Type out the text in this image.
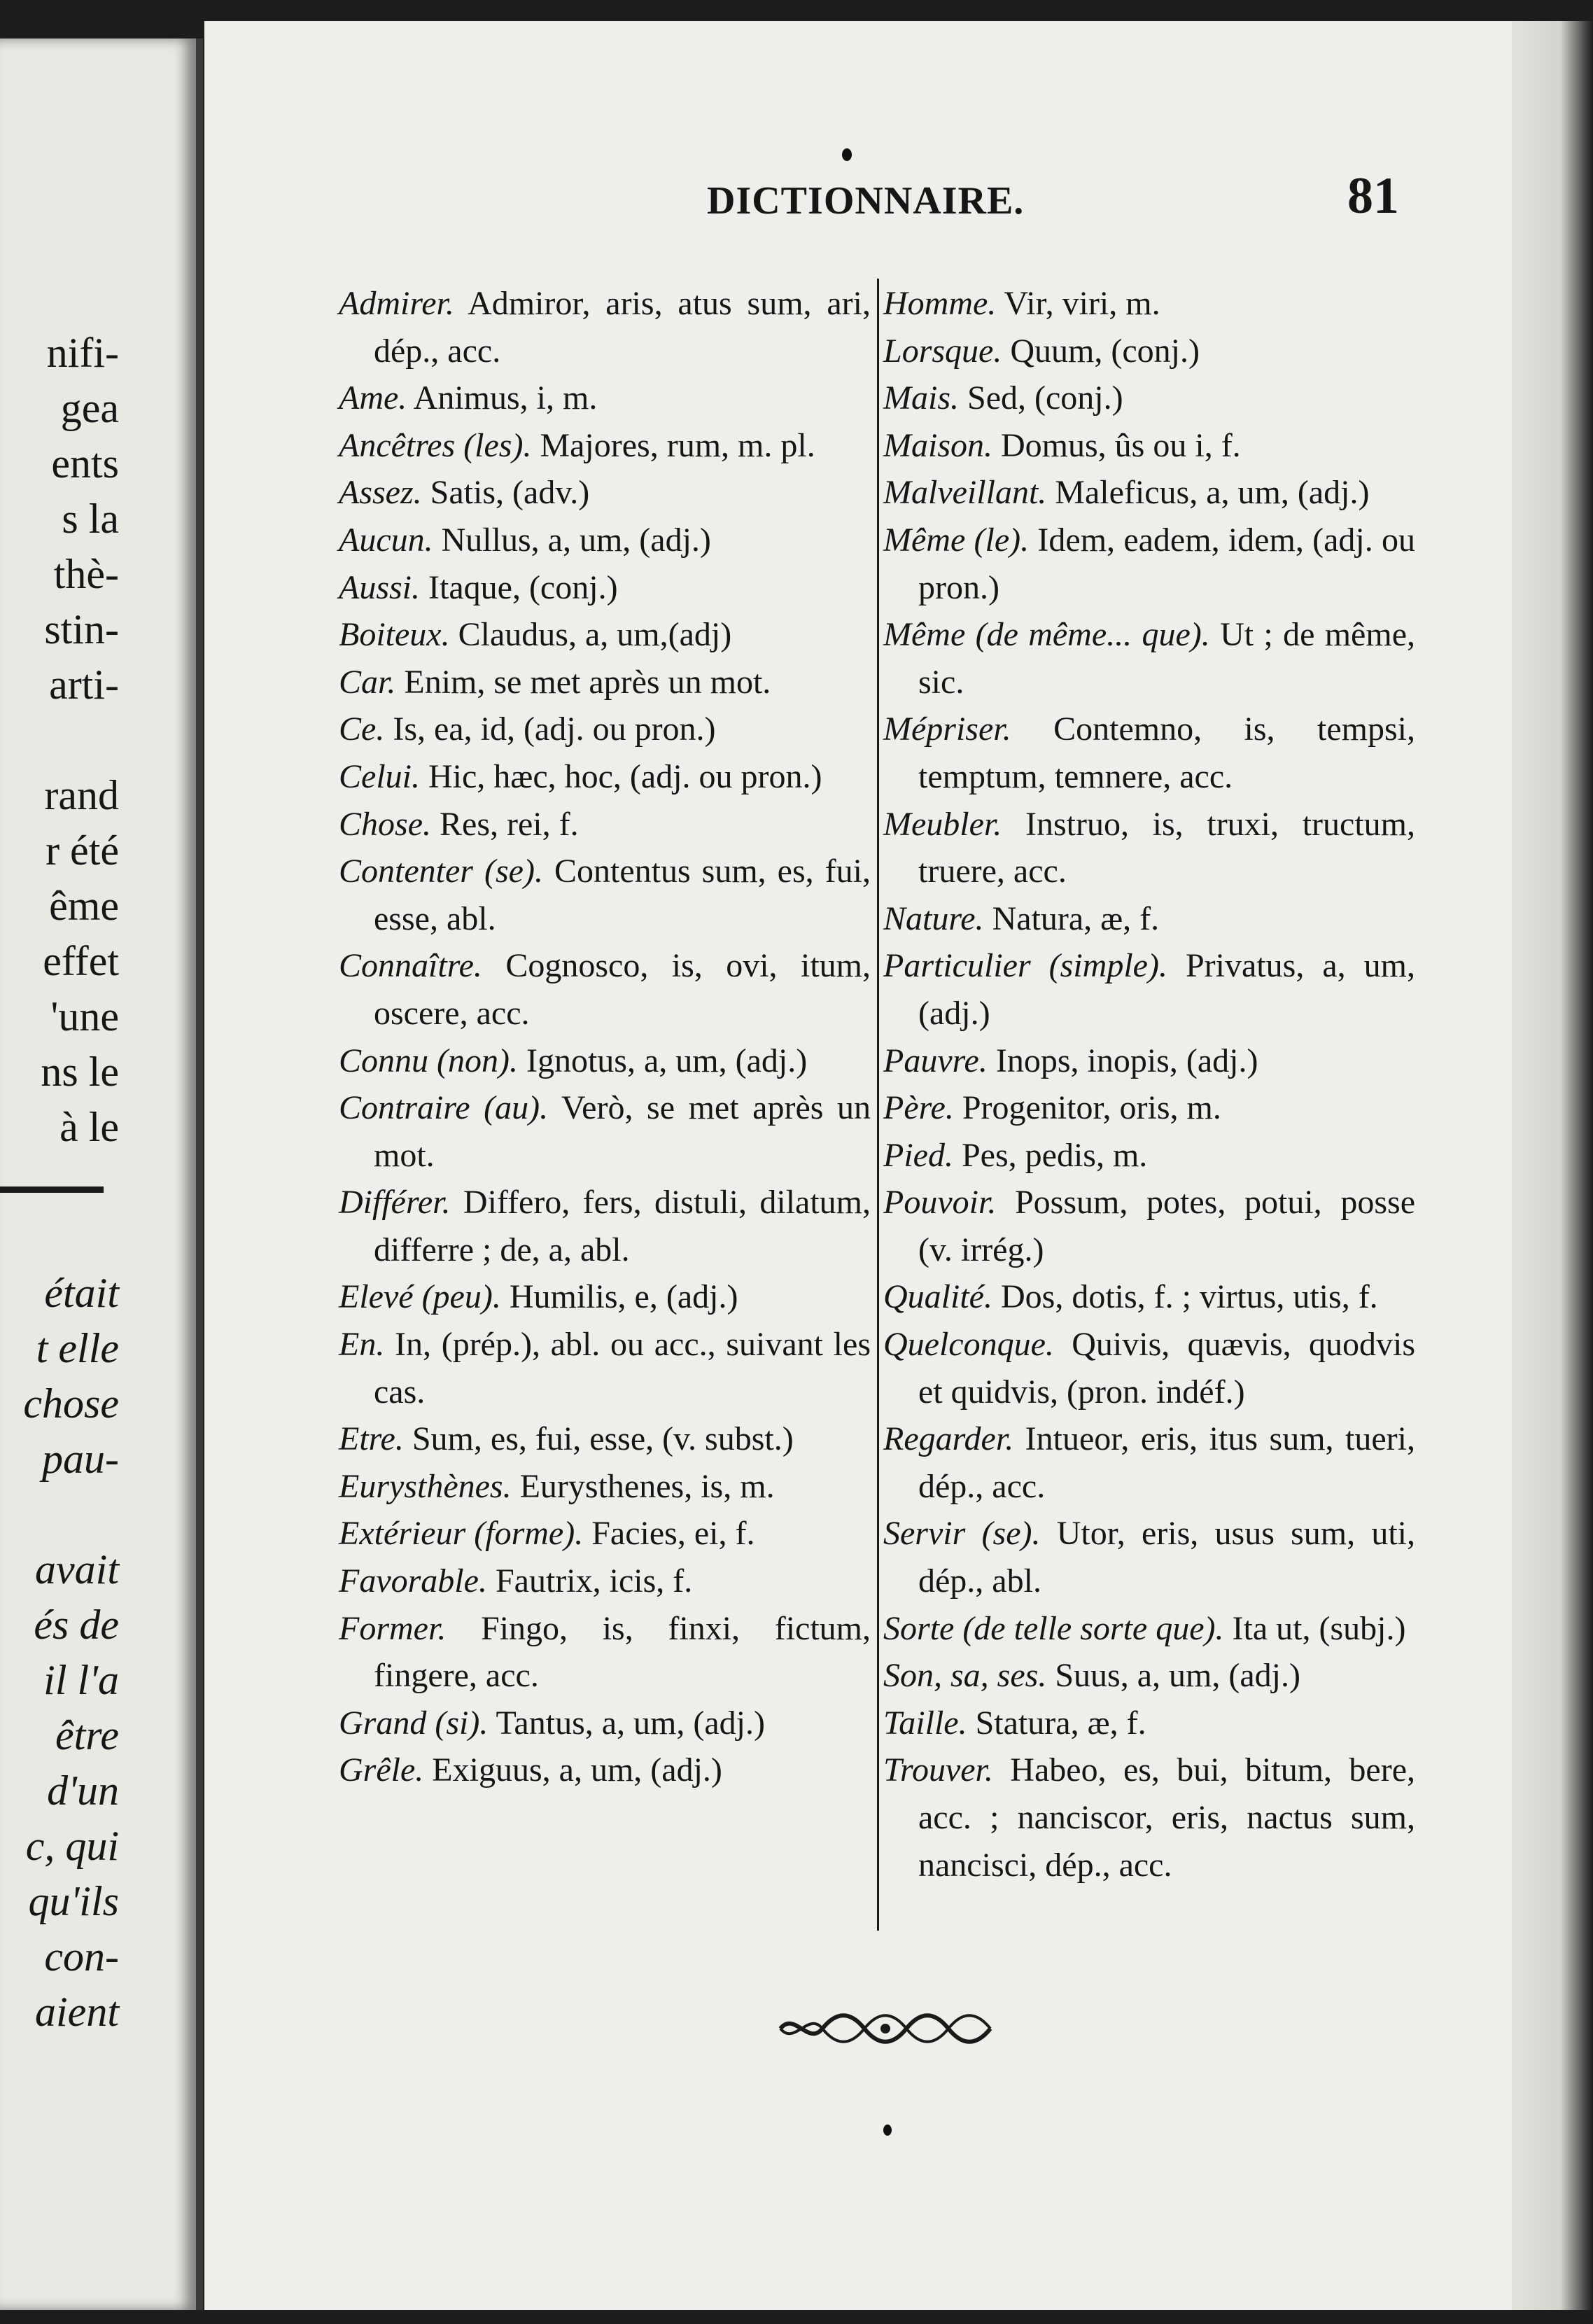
nifi-
gea
ents
s la
thè-
stin-
arti-
rand
r été
ême
effet
'une
ns le
à le
était
t elle
chose
pau-
avait
és de
il l'a
être
d'un
c, qui
qu'ils
con-
aient
DICTIONNAIRE.	81
Admirer. Admiror, aris, atus sum, ari, dép., acc.
Ame. Animus, i, m.
Ancêtres (les). Majores, rum, m. pl.
Assez. Satis, (adv.)
Aucun. Nullus, a, um, (adj.)
Aussi. Itaque, (conj.)
Boiteux. Claudus, a, um,(adj)
Car. Enim, se met après un mot.
Ce. Is, ea, id, (adj. ou pron.)
Celui. Hic, hæc, hoc, (adj. ou pron.)
Chose. Res, rei, f.
Contenter (se). Contentus sum, es, fui, esse, abl.
Connaître. Cognosco, is, ovi, itum, oscere, acc.
Connu (non). Ignotus, a, um, (adj.)
Contraire (au). Verò, se met après un mot.
Différer. Differo, fers, distuli, dilatum, differre ; de, a, abl.
Elevé (peu). Humilis, e, (adj.)
En. In, (prép.), abl. ou acc., suivant les cas.
Etre. Sum, es, fui, esse, (v. subst.)
Eurysthènes. Eurysthenes, is, m.
Extérieur (forme). Facies, ei, f.
Favorable. Fautrix, icis, f.
Former. Fingo, is, finxi, fictum, fingere, acc.
Grand (si). Tantus, a, um, (adj.)
Grêle. Exiguus, a, um, (adj.)
Homme. Vir, viri, m.
Lorsque. Quum, (conj.)
Mais. Sed, (conj.)
Maison. Domus, ûs ou i, f.
Malveillant. Maleficus, a, um, (adj.)
Même (le). Idem, eadem, idem, (adj. ou pron.)
Même (de même... que). Ut ; de même, sic.
Mépriser. Contemno, is, tempsi, temptum, temnere, acc.
Meubler. Instruo, is, truxi, tructum, truere, acc.
Nature. Natura, æ, f.
Particulier (simple). Privatus, a, um, (adj.)
Pauvre. Inops, inopis, (adj.)
Père. Progenitor, oris, m.
Pied. Pes, pedis, m.
Pouvoir. Possum, potes, potui, posse (v. irrég.)
Qualité. Dos, dotis, f. ; virtus, utis, f.
Quelconque. Quivis, quævis, quodvis et quidvis, (pron. indéf.)
Regarder. Intueor, eris, itus sum, tueri, dép., acc.
Servir (se). Utor, eris, usus sum, uti, dép., abl.
Sorte (de telle sorte que). Ita ut, (subj.)
Son, sa, ses. Suus, a, um, (adj.)
Taille. Statura, æ, f.
Trouver. Habeo, es, bui, bitum, bere, acc. ; nanciscor, eris, nactus sum, nancisci, dép., acc.
